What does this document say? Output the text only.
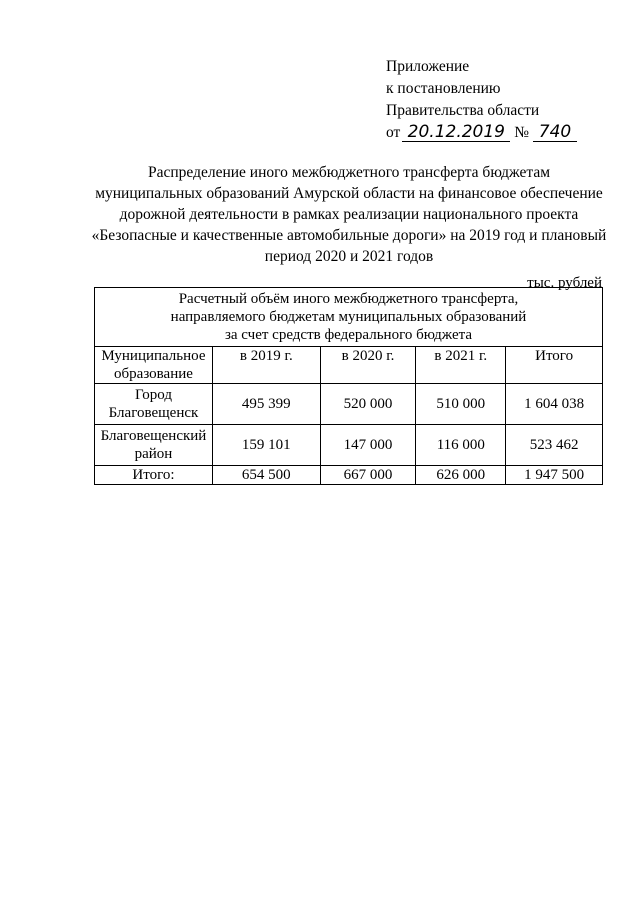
Приложение
к постановлению
Правительства области
от 20.12.2019 № 740
Распределение иного межбюджетного трансферта бюджетам
муниципальных образований Амурской области на финансовое обеспечение
дорожной деятельности в рамках реализации национального проекта
«Безопасные и качественные автомобильные дороги» на 2019 год и плановый
период 2020 и 2021 годов
тыс. рублей
Расчетный объём иного межбюджетного трансферта,
направляемого бюджетам муниципальных образований
за счет средств федерального бюджета				

Муниципальное образование	в 2019 г.	в 2020 г.	в 2021 г.	Итого

Город
Благовещенск	495 399	520 000	510 000	1 604 038

Благовещенский
район	159 101	147 000	116 000	523 462
Итого:	654 500	667 000	626 000	1 947 500
